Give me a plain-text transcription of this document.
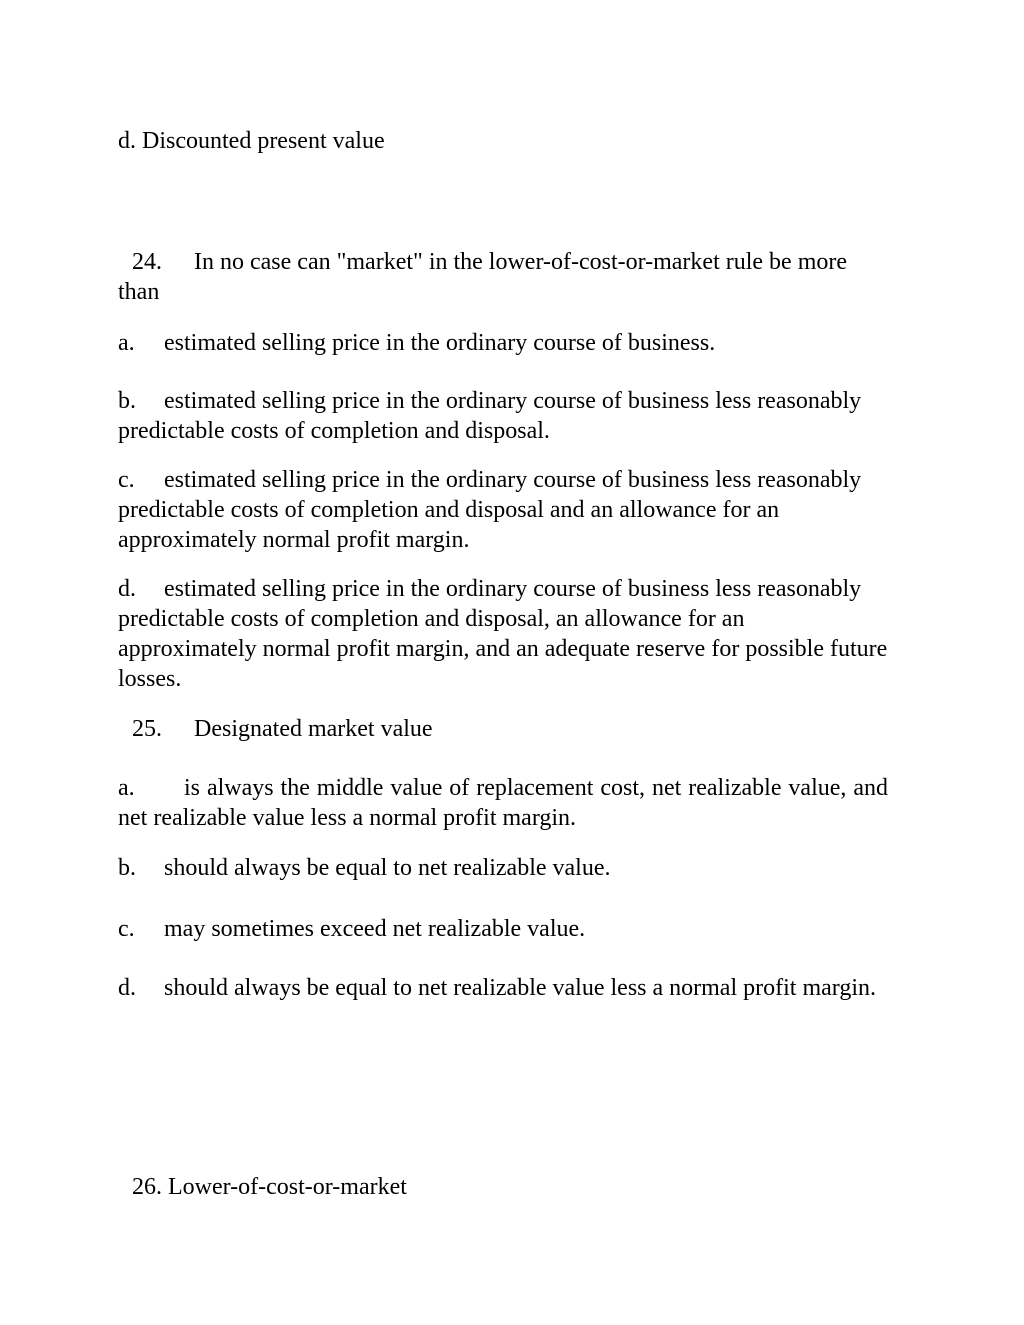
d. Discounted present value

24. In no case can "market" in the lower-of-cost-or-market rule be more than

a. estimated selling price in the ordinary course of business.

b. estimated selling price in the ordinary course of business less reasonably predictable costs of completion and disposal.

c. estimated selling price in the ordinary course of business less reasonably predictable costs of completion and disposal and an allowance for an approximately normal profit margin.

d. estimated selling price in the ordinary course of business less reasonably predictable costs of completion and disposal, an allowance for an approximately normal profit margin, and an adequate reserve for possible future losses.

25. Designated market value

a. is always the middle value of replacement cost, net realizable value, and net realizable value less a normal profit margin.

b. should always be equal to net realizable value.

c. may sometimes exceed net realizable value.

d. should always be equal to net realizable value less a normal profit margin.

26. Lower-of-cost-or-market
